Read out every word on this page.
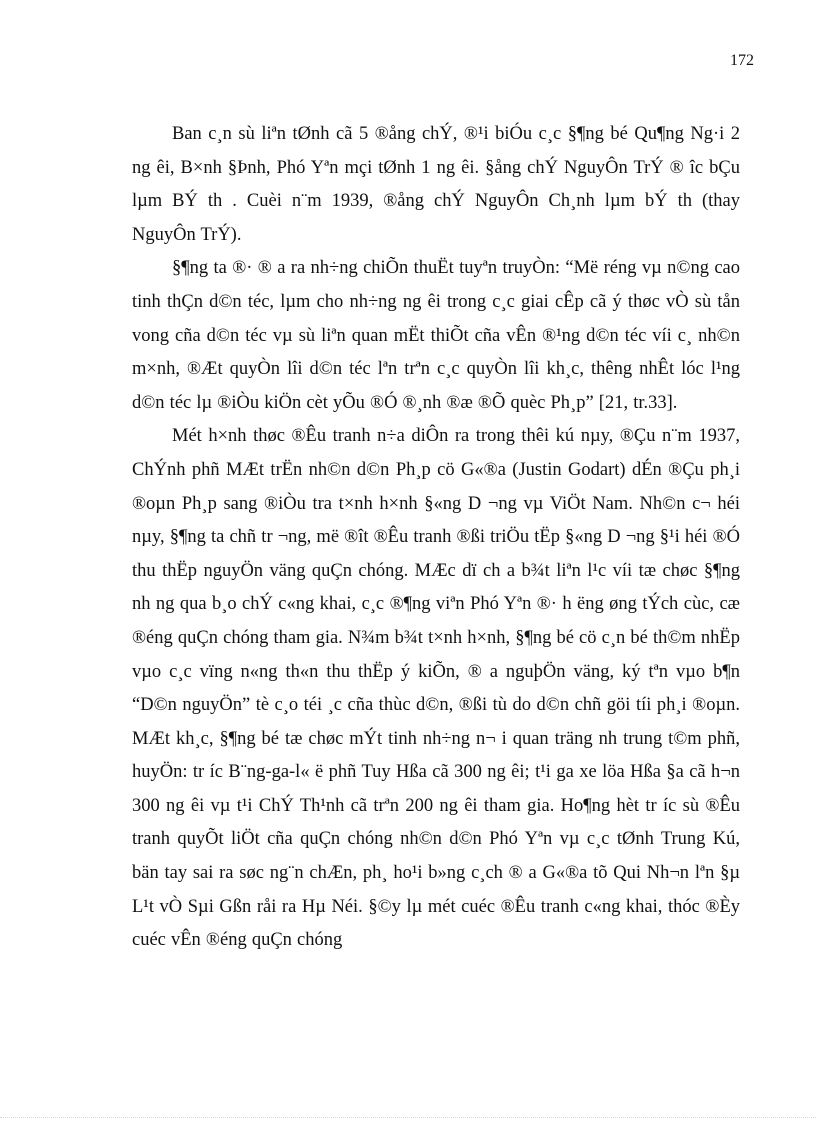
172

Ban c¸n sù liªn tØnh cã 5 ®ång chÝ, ®¹i biÓu c¸c §¶ng bé Qu¶ng Ng·i 2 ng êi, B×nh §Þnh, Phó Yªn mçi tØnh 1 ng êi. §ång chÝ NguyÔn TrÝ ® îc bÇu lµm BÝ th . Cuèi n¨m 1939, ®ång chÝ NguyÔn Ch¸nh lµm bÝ th (thay NguyÔn TrÝ).

§¶ng ta ®· ® a ra nh÷ng chiÕn thuËt tuyªn truyÒn: “Më réng vµ n©ng cao tinh thÇn d©n téc, lµm cho nh÷ng ng êi trong c¸c giai cÊp cã ý thøc vÒ sù tån vong cña d©n téc vµ sù liªn quan mËt thiÕt cña vÊn ®¹ng d©n téc víi c¸ nh©n m×nh, ®Æt quyÒn lîi d©n téc lªn trªn c¸c quyÒn lîi kh¸c, thêng nhÊt lóc l¹ng d©n téc lµ ®iÒu kiÖn cèt yÕu ®Ó ®¸nh ®æ ®Õ quèc Ph¸p” [21, tr.33].

Mét h×nh thøc ®Êu tranh n÷a diÔn ra trong thêi kú nµy, ®Çu n¨m 1937, ChÝnh phñ MÆt trËn nh©n d©n Ph¸p cö G«®a (Justin Godart) dÉn ®Çu ph¸i ®oµn Ph¸p sang ®iÒu tra t×nh h×nh §«ng D ¬ng vµ ViÖt Nam. Nh©n c¬ héi nµy, §¶ng ta chñ tr ¬ng, më ®ît ®Êu tranh ®ßi triÖu tËp §«ng D ¬ng §¹i héi ®Ó thu thËp nguyÖn väng quÇn chóng. MÆc dï ch a b¾t liªn l¹c víi tæ chøc §¶ng nh ng qua b¸o chÝ c«ng khai, c¸c ®¶ng viªn Phó Yªn ®· h ëng øng tÝch cùc, cæ ®éng quÇn chóng tham gia. N¾m b¾t t×nh h×nh, §¶ng bé cö c¸n bé th©m nhËp vµo c¸c vïng n«ng th«n thu thËp ý kiÕn, ® a nguþÖn väng, ký tªn vµo b¶n “D©n nguyÖn” tè c¸o téi ¸c cña thùc d©n, ®ßi tù do d©n chñ göi tíi ph¸i ®oµn. MÆt kh¸c, §¶ng bé tæ chøc mÝt tinh nh÷ng n¬ i quan träng nh trung t©m phñ, huyÖn: tr íc B¨ng-ga-l« ë phñ Tuy Hßa cã 300 ng êi; t¹i ga xe löa Hßa §a cã h¬n 300 ng êi vµ t¹i ChÝ Th¹nh cã trªn 200 ng êi tham gia. Ho¶ng hèt tr íc sù ®Êu tranh quyÕt liÖt cña quÇn chóng nh©n d©n Phó Yªn vµ c¸c tØnh Trung Kú, bän tay sai ra søc ng¨n chÆn, ph¸ ho¹i b»ng c¸ch ® a G«®a tõ Qui Nh¬n lªn §µ L¹t vÒ Sµi Gßn råi ra Hµ Néi. §©y lµ mét cuéc ®Êu tranh c«ng khai, thóc ®Èy cuéc vÊn ®éng quÇn chóng
